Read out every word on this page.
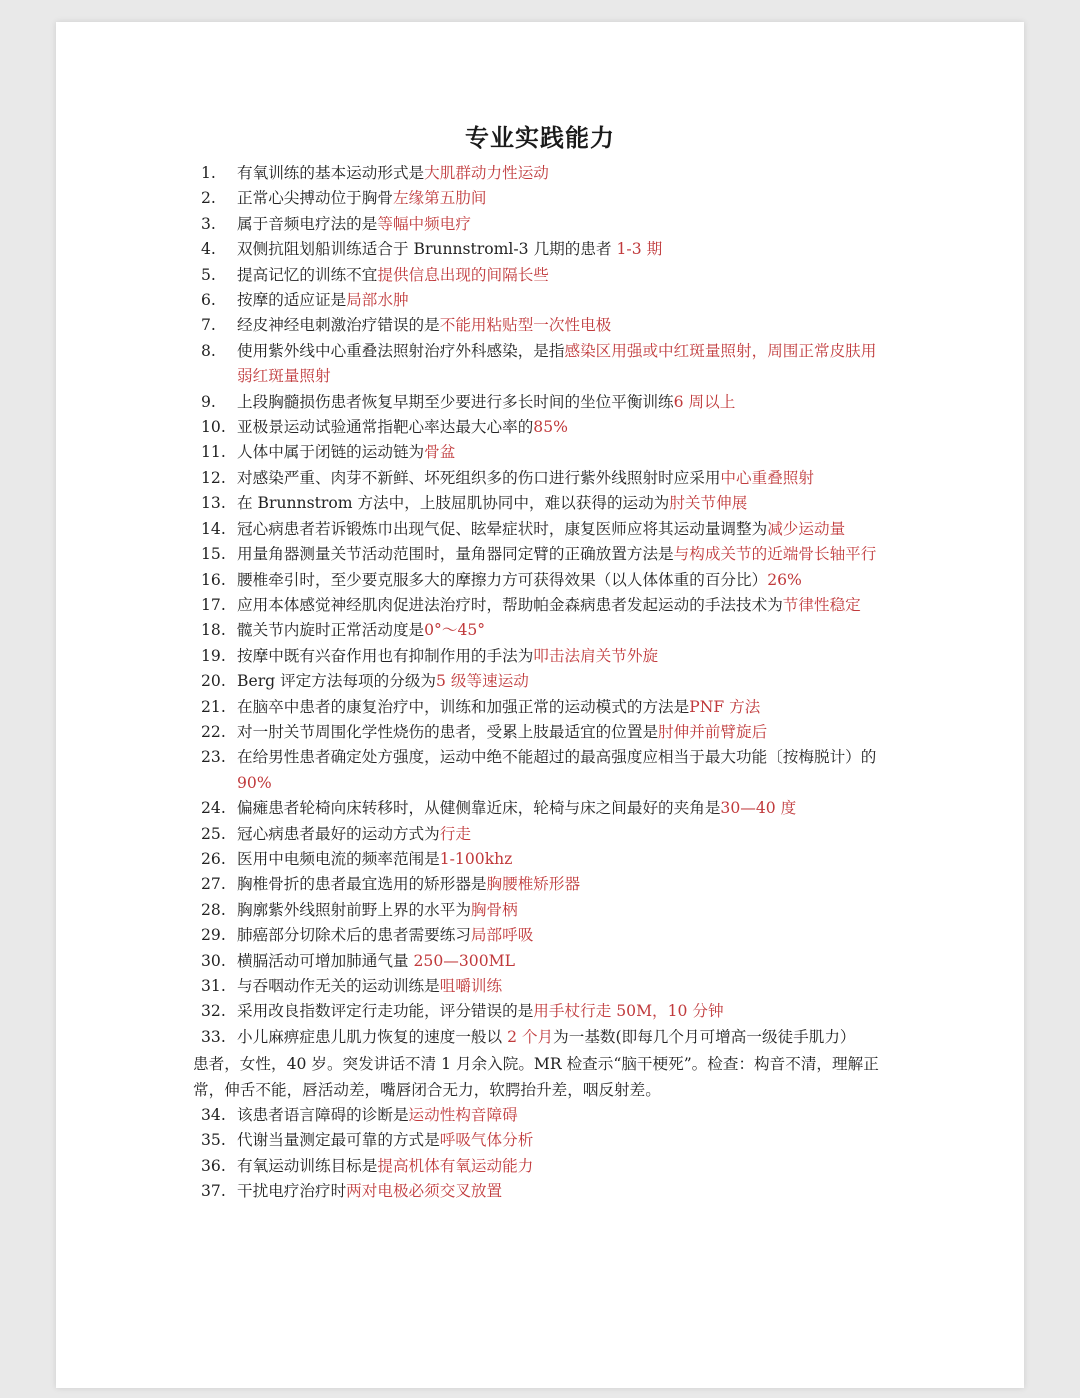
专业实践能力
1. 有氧训练的基本运动形式是大肌群动力性运动
2. 正常心尖搏动位于胸骨左缘第五肋间
3. 属于音频电疗法的是等幅中频电疗
4. 双侧抗阻划船训练适合于 Brunnstroml-3 几期的患者 1-3 期
5. 提高记忆的训练不宜提供信息出现的间隔长些
6. 按摩的适应证是局部水肿
7. 经皮神经电刺激治疗错误的是不能用粘贴型一次性电极
8. 使用紫外线中心重叠法照射治疗外科感染，是指感染区用强或中红斑量照射，周围正常皮肤用弱红斑量照射
9. 上段胸髓损伤患者恢复早期至少要进行多长时间的坐位平衡训练6 周以上
10. 亚极景运动试验通常指靶心率达最大心率的85%
11. 人体中属于闭链的运动链为骨盆
12. 对感染严重、肉芽不新鲜、坏死组织多的伤口进行紫外线照射时应采用中心重叠照射
13. 在 Brunnstrom 方法中，上肢屈肌协同中，难以获得的运动为肘关节伸展
14. 冠心病患者若诉锻炼巾出现气促、眩晕症状时，康复医师应将其运动量调整为减少运动量
15. 用量角器测量关节活动范围时，量角器同定臂的正确放置方法是与构成关节的近端骨长轴平行
16. 腰椎牵引时，至少要克服多大的摩擦力方可获得效果（以人体体重的百分比）26%
17. 应用本体感觉神经肌肉促进法治疗时，帮助帕金森病患者发起运动的手法技术为节律性稳定
18. 髋关节内旋时正常活动度是0°～45°
19. 按摩中既有兴奋作用也有抑制作用的手法为叩击法肩关节外旋
20. Berg 评定方法每项的分级为5 级等速运动
21. 在脑卒中患者的康复治疗中，训练和加强正常的运动模式的方法是PNF 方法
22. 对一肘关节周围化学性烧伤的患者，受累上肢最适宜的位置是肘伸并前臂旋后
23. 在给男性患者确定处方强度，运动中绝不能超过的最高强度应相当于最大功能〔按梅脱计）的90%
24. 偏瘫患者轮椅向床转移时，从健侧靠近床，轮椅与床之间最好的夹角是30—40 度
25. 冠心病患者最好的运动方式为行走
26. 医用中电频电流的频率范闱是1-100khz
27. 胸椎骨折的患者最宜选用的矫形器是胸腰椎矫形器
28. 胸廓紫外线照射前野上界的水平为胸骨柄
29. 肺癌部分切除术后的患者需要练习局部呼吸
30. 横膈活动可增加肺通气量 250—300ML
31. 与吞咽动作无关的运动训练是咀嚼训练
32. 采用改良指数评定行走功能，评分错误的是用手杖行走 50M，10 分钟
33. 小儿麻痹症患儿肌力恢复的速度一般以 2 个月为一基数(即每几个月可增高一级徒手肌力）
患者，女性，40 岁。突发讲话不清 1 月余入院。MR 检查示“脑干梗死”。检查：构音不清，理解正常，伸舌不能，唇活动差，嘴唇闭合无力，软腭抬升差，咽反射差。
34. 该患者语言障碍的诊断是运动性构音障碍
35. 代谢当量测定最可靠的方式是呼吸气体分析
36. 有氧运动训练目标是提高机体有氧运动能力
37. 干扰电疗治疗时两对电极必须交叉放置
